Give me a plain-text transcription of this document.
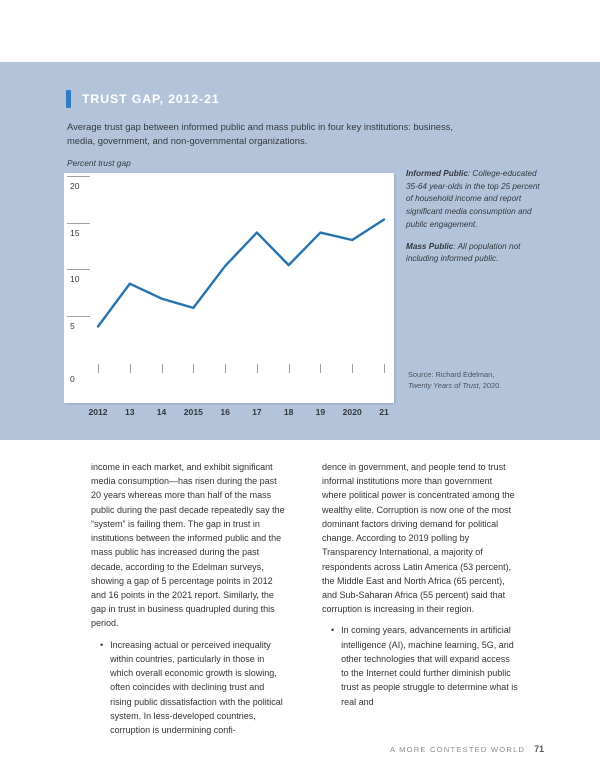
TRUST GAP, 2012-21
Average trust gap between informed public and mass public in four key institutions: business, media, government, and non-governmental organizations.
Percent trust gap
20
15
10
5
0
2012 13	14 2015 16	17	18	19 2020 21

Informed Public: College-educated 35-64 year-olds in the top 25 percent of household income and report significant media consumption and public engagement.

Mass Public: All population not including informed public.

Source: Richard Edelman,
Twenty Years of Trust, 2020.

income in each market, and exhibit significant media consumption—has risen during the past 20 years whereas more than half of the mass public during the past decade repeatedly say the “system” is failing them. The gap in trust in institutions between the informed public and the mass public has increased during the past decade, according to the Edelman surveys, showing a gap of 5 percentage points in 2012 and 16 points in the 2021 report. Similarly, the gap in trust in business quadrupled during this period.

• Increasing actual or perceived inequality within countries, particularly in those in which overall economic growth is slowing, often coincides with declining trust and rising public dissatisfaction with the political system. In less-developed countries, corruption is undermining confi-

dence in government, and people tend to trust informal institutions more than government where political power is concentrated among the wealthy elite. Corruption is now one of the most dominant factors driving demand for political change. According to 2019 polling by Transparency International, a majority of respondents across Latin America (53 percent), the Middle East and North Africa (65 percent), and Sub-Saharan Africa (55 percent) said that corruption is increasing in their region.

• In coming years, advancements in artificial intelligence (AI), machine learning, 5G, and other technologies that will expand access to the Internet could further diminish public trust as people struggle to determine what is real and
A MORE CONTESTED WORLD 71
